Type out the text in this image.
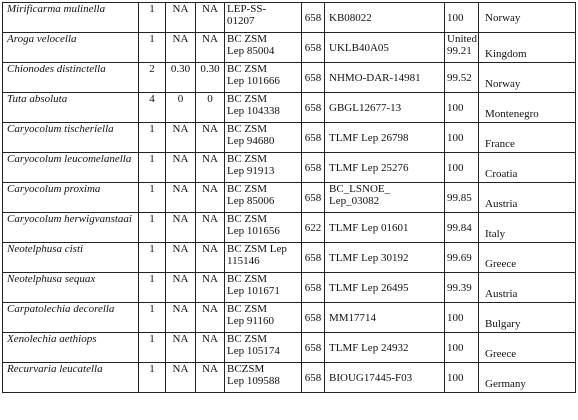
Mirificarma mulinella	1	NA	NA	LEP-SS-
01207	658	KB08022	100	Norway
Aroga velocella	1	NA	NA	BC ZSM
Lep 85004	658	UKLB40A05	United 99.21	Kingdom
Chionodes distinctella	2	0.30	0.30	BC ZSM
Lep 101666	658	NHMO-DAR-14981	99.52	Norway
Tuta absoluta	4	0	0	BC ZSM
Lep 104338	658	GBGL12677-13	100	Montenegro
Caryocolum tischeriella	1	NA	NA	BC ZSM
Lep 94680	658	TLMF Lep 26798	100	France
Caryocolum leucomelanella	1	NA	NA	BC ZSM
Lep 91913	658	TLMF Lep 25276	100	Croatia
Caryocolum proxima	1	NA	NA	BC ZSM
Lep 85006	658	BC_LSNOE_
Lep_03082	99.85	Austria
Caryocolum herwigvanstaai	1	NA	NA	BC ZSM
Lep 101656	622	TLMF Lep 01601	99.84	Italy
Neotelphusa cisti	1	NA	NA	BC ZSM Lep
115146	658	TLMF Lep 30192	99.69	Greece
Neotelphusa sequax	1	NA	NA	BC ZSM
Lep 101671	658	TLMF Lep 26495	99.39	Austria
Carpatolechia decorella	1	NA	NA	BC ZSM
Lep 91160	658	MM17714	100	Bulgary
Xenolechia aethiops	1	NA	NA	BC ZSM
Lep 105174	658	TLMF Lep 24932	100	Greece
Recurvaria leucatella	1	NA	NA	BCZSM
Lep 109588	658	BIOUG17445-F03	100	Germany
